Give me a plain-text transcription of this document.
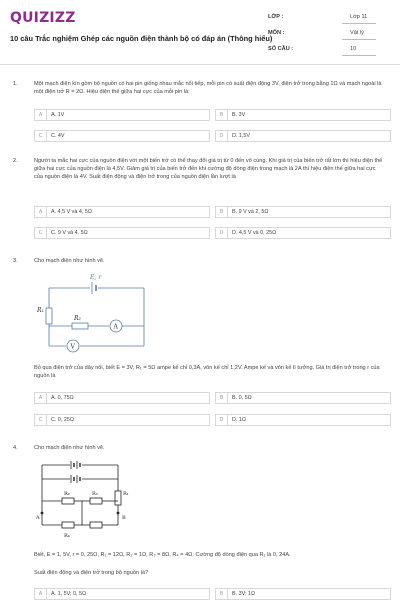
QUIZIZZ
10 câu Trắc nghiệm Ghép các nguồn điện thành bộ có đáp án (Thông hiểu)
LỚP :	Lớp 11
MÔN :	Vật lý
SỐ CÂU :	10
1.	Một mạch điện kín gồm bộ nguồn có hai pin giống nhau mắc nối tiếp, mỗi pin có suất điện động 3V, điện trở trong bằng 1Ω và mạch ngoài là một điện trở R = 2Ω. Hiệu điện thế giữa hai cực của mỗi pin là:
A	A. 1V	B	B. 3V
C	C. 4V	D	D. 1,5V
2.	Người ta mắc hai cực của nguồn điện với một biến trở có thể thay đổi giá trị từ 0 đến vô cùng. Khi giá trị của biến trở rất lớn thì hiệu điện thế giữa hai cực của nguồn điện là 4,5V. Giảm giá trị của biến trở đến khi cường độ dòng điện trong mạch là 2A thì hiệu điện thế giữa hai cực của nguồn điện là 4V. Suất điện động và điện trở trong của nguồn điện lần lượt là
A	A. 4,5 V và 4, 5Ω	B	B. 9 V và 2, 5Ω
C	C. 9 V và 4, 5Ω	D	D. 4,5 V và 0, 25Ω
3.	Cho mạch điện như hình vẽ.
E, r
R₁
R₂
A
V
Bỏ qua điện trở của dây nối, biết E = 3V, R₁ = 5Ω ampe kế chỉ 0,3A, vôn kế chỉ 1,2V. Ampe kế và vôn kế lí tưởng. Giá trị điện trở trong r của nguồn là
A	A. 0, 75Ω	B	B. 0, 5Ω
C	C. 0, 25Ω	D	D. 1Ω
4.	Cho mạch điện như hình vẽ.
R₁
R₂	R₃
R₄
A	B
Biết, E = 1, 5V, r = 0, 25Ω, R₁ = 12Ω, R₂ = 1Ω, R₃ = 8Ω, R₄ = 4Ω. Cường độ dòng điện qua R₁ là 0, 24A.
Suất điện động và điện trở trong bộ nguồn là?
A	A. 1, 5V; 0, 5Ω	B	B. 3V; 1Ω
